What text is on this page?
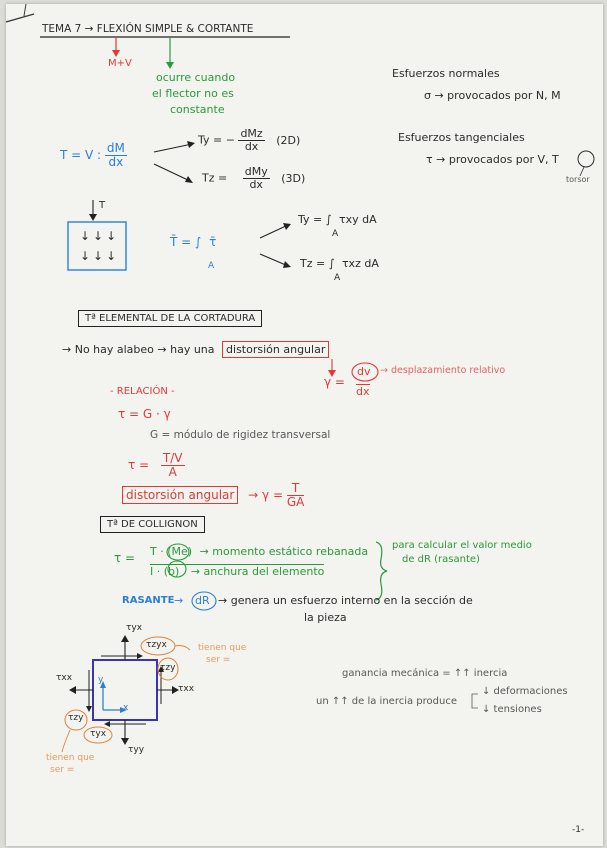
TEMA 7 → FLEXIÓN SIMPLE & CORTANTE
M+V
ocurre cuando
el flector no es
constante
Esfuerzos normales
σ → provocados por N, M
Esfuerzos tangenciales
τ → provocados por V, T
torsor
T = V : $\frac{dM}{dx}$
Ty = − $\frac{\text{dMz}}{dx} (2D)$
$Tz = \frac{\text{dMy}}{dx} (3D)$
T
↓↓↓
↓↓↓
T̄ = ∫ τ̄
A
Ty = ∫ τxy dA
A
Tz = ∫ τxz dA
A
Tª ELEMENTAL DE LA CORTADURA
→ No hay alabeo → hay una distorsión angular
γ =
dv
dx
→ desplazamiento relativo
- RELACIÓN -
τ = G · γ
G = módulo de rigidez transversal
$\tau = \frac{T/V}{A}$
distorsión angular → $\gamma = \frac{T}{GA}$
Tª DE COLLIGNON
τ = T · (Me) → momento estático rebanada
I · (b) → anchura del elemento
para calcular el valor medio
de dR (rasante)
RASANTE → dR → genera un esfuerzo interno en la sección de
la pieza
τyx
τzyx
τzy
τxx
τxx
τzy
τyx
τyy
y
x
tienen que
ser =
tienen que
ser =
ganancia mecánica = ↑↑ inercia
un ↑↑ de la inercia produce
↓ deformaciones
↓ tensiones
-1-
